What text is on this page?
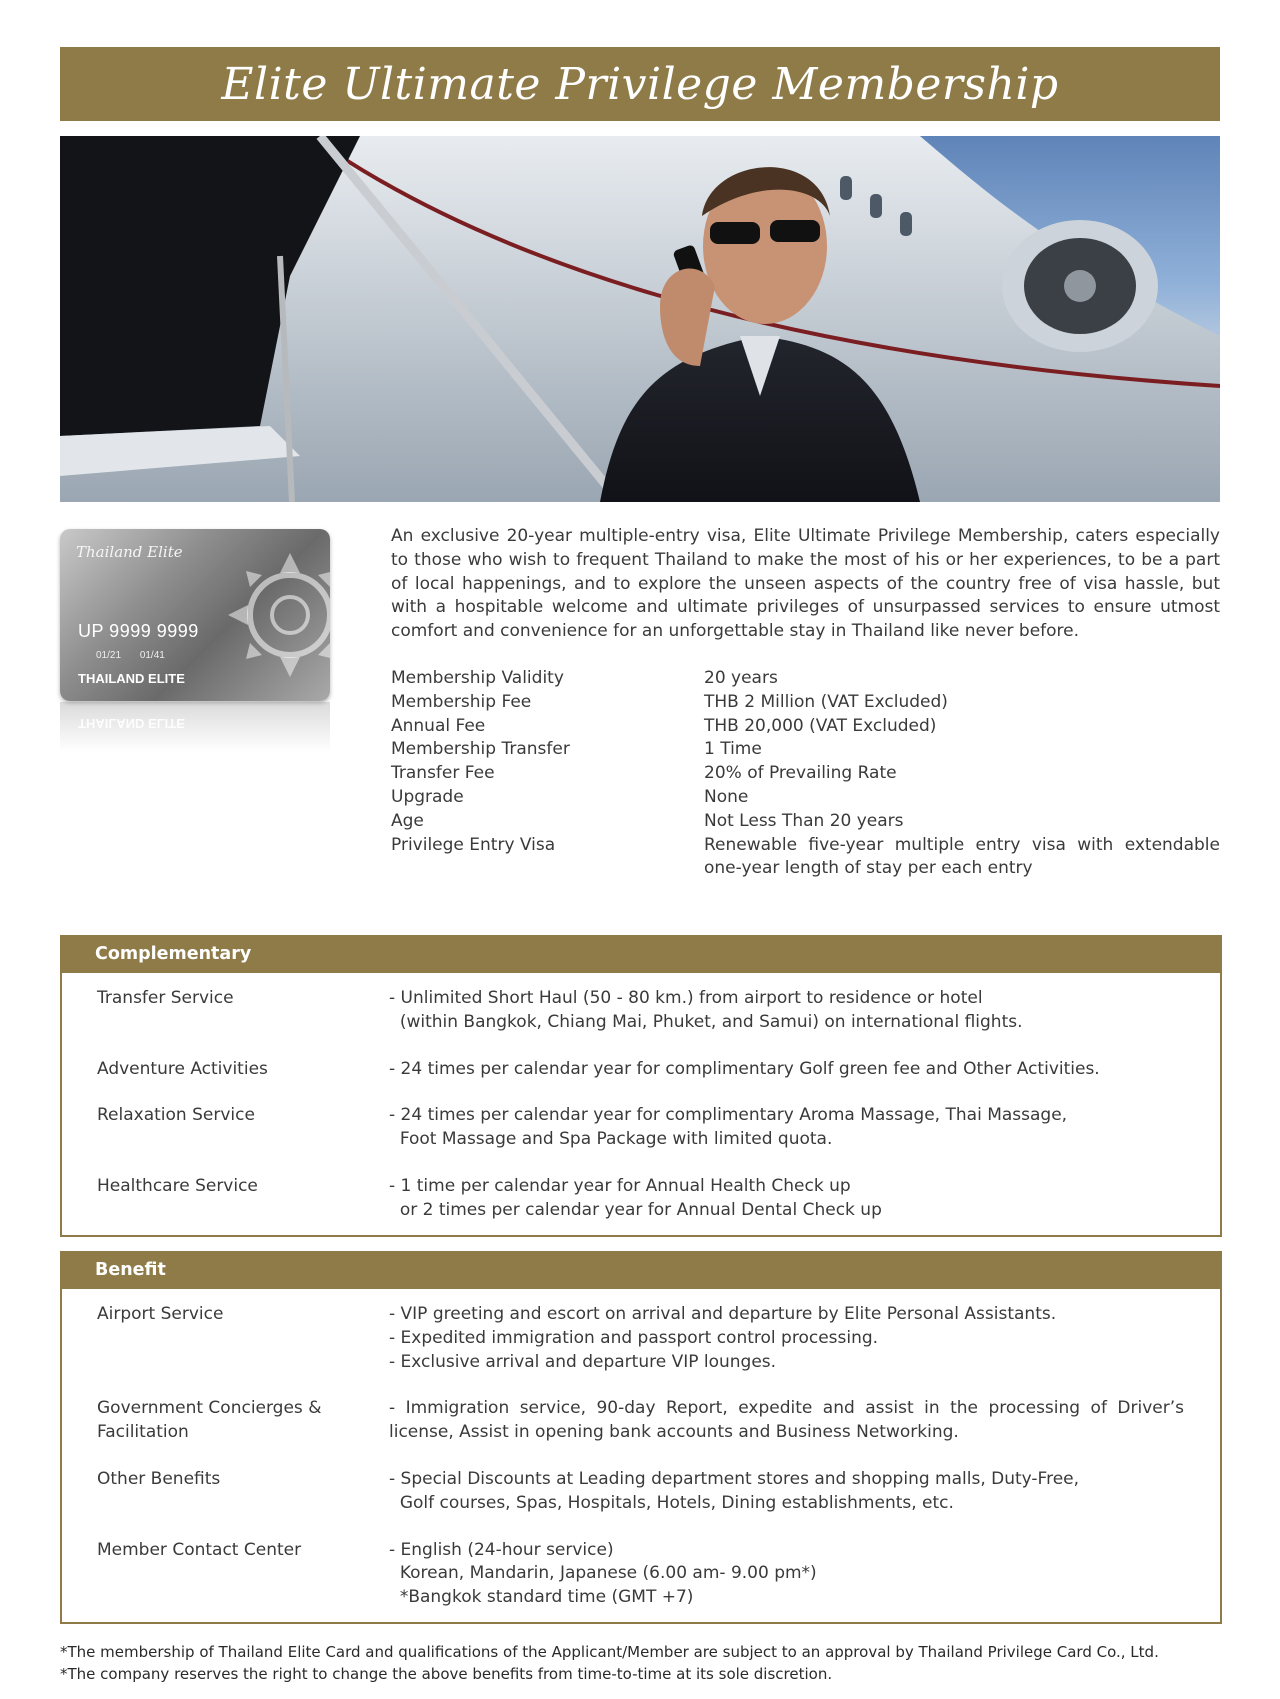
Elite Ultimate Privilege Membership
Thailand Elite
UP 9999 9999
01/21 01/41
THAILAND ELITE
THAILAND ELITE

An exclusive 20-year multiple-entry visa, Elite Ultimate Privilege Membership, caters especially to those who wish to frequent Thailand to make the most of his or her experiences, to be a part of local happenings, and to explore the unseen aspects of the country free of visa hassle, but with a hospitable welcome and ultimate privileges of unsurpassed services to ensure utmost comfort and convenience for an unforgettable stay in Thailand like never before.

Membership Validity	20 years
Membership Fee	THB 2 Million (VAT Excluded)
Annual Fee	THB 20,000 (VAT Excluded)
Membership Transfer	1 Time
Transfer Fee	20% of Prevailing Rate
Upgrade	None
Age	Not Less Than 20 years
Privilege Entry Visa	Renewable five-year multiple entry visa with extendable one-year length of stay per each entry
Complementary
Transfer Service	- Unlimited Short Haul (50 - 80 km.) from airport to residence or hotel
(within Bangkok, Chiang Mai, Phuket, and Samui) on international flights.
Adventure Activities	- 24 times per calendar year for complimentary Golf green fee and Other Activities.
Relaxation Service	- 24 times per calendar year for complimentary Aroma Massage, Thai Massage,
Foot Massage and Spa Package with limited quota.
Healthcare Service	- 1 time per calendar year for Annual Health Check up
or 2 times per calendar year for Annual Dental Check up
Benefit
Airport Service	- VIP greeting and escort on arrival and departure by Elite Personal Assistants.
- Expedited immigration and passport control processing.
- Exclusive arrival and departure VIP lounges.
Government Concierges & Facilitation
- Immigration service, 90-day Report, expedite and assist in the processing of Driver’s license, Assist in opening bank accounts and Business Networking.
Other Benefits	- Special Discounts at Leading department stores and shopping malls, Duty-Free,
Golf courses, Spas, Hospitals, Hotels, Dining establishments, etc.
Member Contact Center	- English (24-hour service)
Korean, Mandarin, Japanese (6.00 am- 9.00 pm*)
*Bangkok standard time (GMT +7)
*The membership of Thailand Elite Card and qualifications of the Applicant/Member are subject to an approval by Thailand Privilege Card Co., Ltd.
*The company reserves the right to change the above benefits from time-to-time at its sole discretion.
